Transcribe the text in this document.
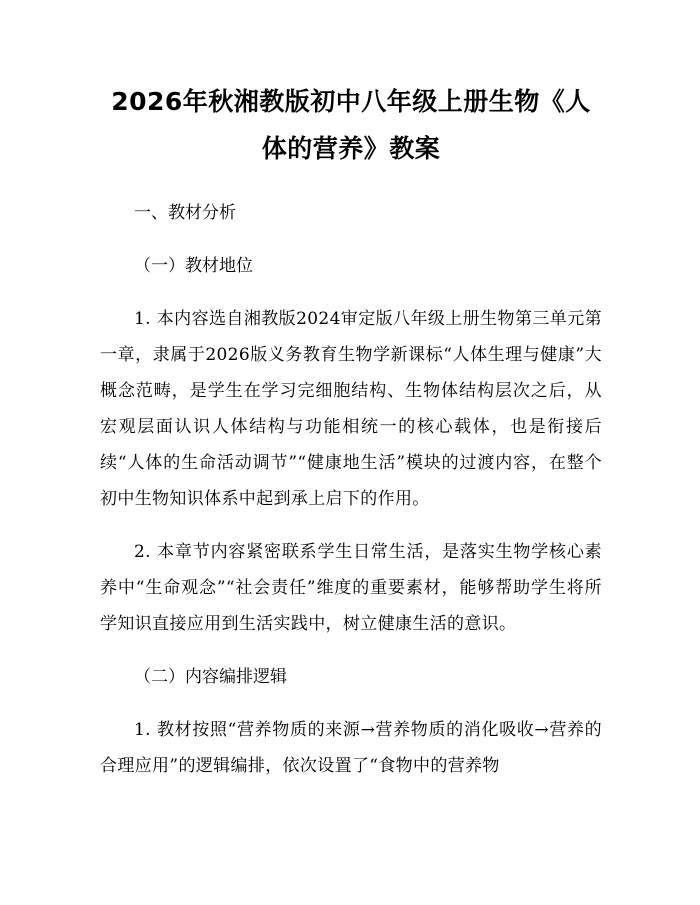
2026年秋湘教版初中八年级上册生物《人体的营养》教案

一、教材分析

（一）教材地位

1. 本内容选自湘教版2024审定版八年级上册生物第三单元第一章，隶属于2026版义务教育生物学新课标“人体生理与健康”大概念范畴，是学生在学习完细胞结构、生物体结构层次之后，从宏观层面认识人体结构与功能相统一的核心载体，也是衔接后续“人体的生命活动调节”“健康地生活”模块的过渡内容，在整个初中生物知识体系中起到承上启下的作用。

2. 本章节内容紧密联系学生日常生活，是落实生物学核心素养中“生命观念”“社会责任”维度的重要素材，能够帮助学生将所学知识直接应用到生活实践中，树立健康生活的意识。

（二）内容编排逻辑

1. 教材按照“营养物质的来源→营养物质的消化吸收→营养的合理应用”的逻辑编排，依次设置了“食物中的营养物
